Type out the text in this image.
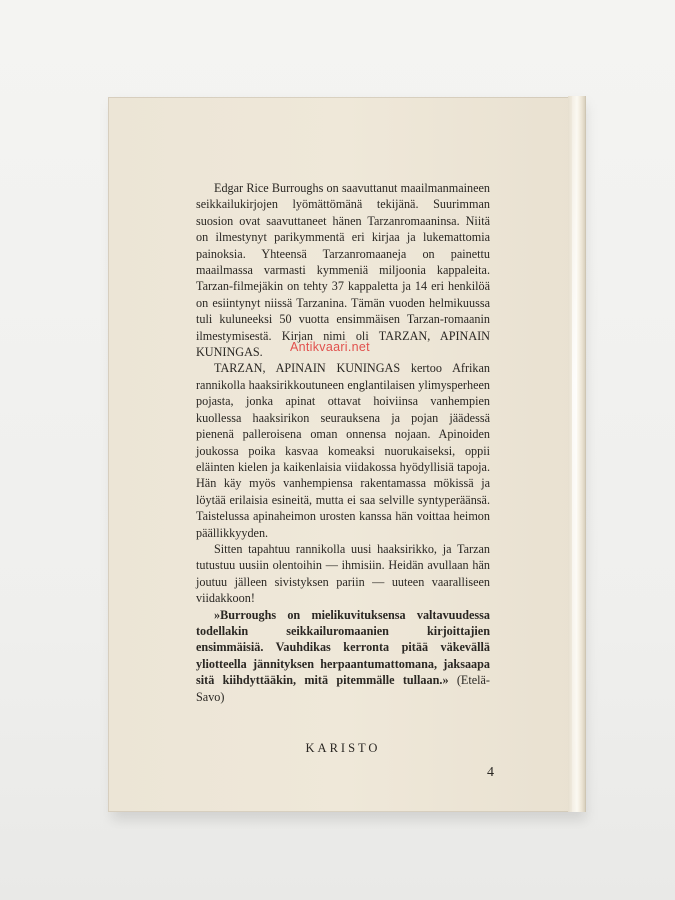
Edgar Rice Burroughs on saavuttanut maailmanmaineen seikkailukirjojen lyömättömänä tekijänä. Suurimman suosion ovat saavuttaneet hänen Tarzanromaaninsa. Niitä on ilmestynyt parikymmentä eri kirjaa ja lukemattomia painoksia. Yhteensä Tarzanromaaneja on painettu maailmassa varmasti kymmeniä miljoonia kappaleita. Tarzan-filmejäkin on tehty 37 kappaletta ja 14 eri henkilöä on esiintynyt niissä Tarzanina. Tämän vuoden helmikuussa tuli kuluneeksi 50 vuotta ensimmäisen Tarzan-romaanin ilmestymisestä. Kirjan nimi oli TARZAN, APINAIN KUNINGAS.

TARZAN, APINAIN KUNINGAS kertoo Afrikan rannikolla haaksirikkoutuneen englantilaisen ylimysperheen pojasta, jonka apinat ottavat hoiviinsa vanhempien kuollessa haaksirikon seurauksena ja pojan jäädessä pienenä palleroisena oman onnensa nojaan. Apinoiden joukossa poika kasvaa komeaksi nuorukaiseksi, oppii eläinten kielen ja kaikenlaisia viidakossa hyödyllisiä tapoja. Hän käy myös vanhempiensa rakentamassa mökissä ja löytää erilaisia esineitä, mutta ei saa selville syntyperäänsä. Taistelussa apinaheimon urosten kanssa hän voittaa heimon päällikkyyden.

Sitten tapahtuu rannikolla uusi haaksirikko, ja Tarzan tutustuu uusiin olentoihin — ihmisiin. Heidän avullaan hän joutuu jälleen sivistyksen pariin — uuteen vaaralliseen viidakkoon!

»Burroughs on mielikuvituksensa valtavuudessa todellakin seikkailuromaanien kirjoittajien ensimmäisiä. Vauhdikas kerronta pitää väkevällä yliotteella jännityksen herpaantumattomana, jaksaapa sitä kiihdyttääkin, mitä pitemmälle tullaan.» (Etelä-Savo)

KARISTO
4
Antikvaari.net
